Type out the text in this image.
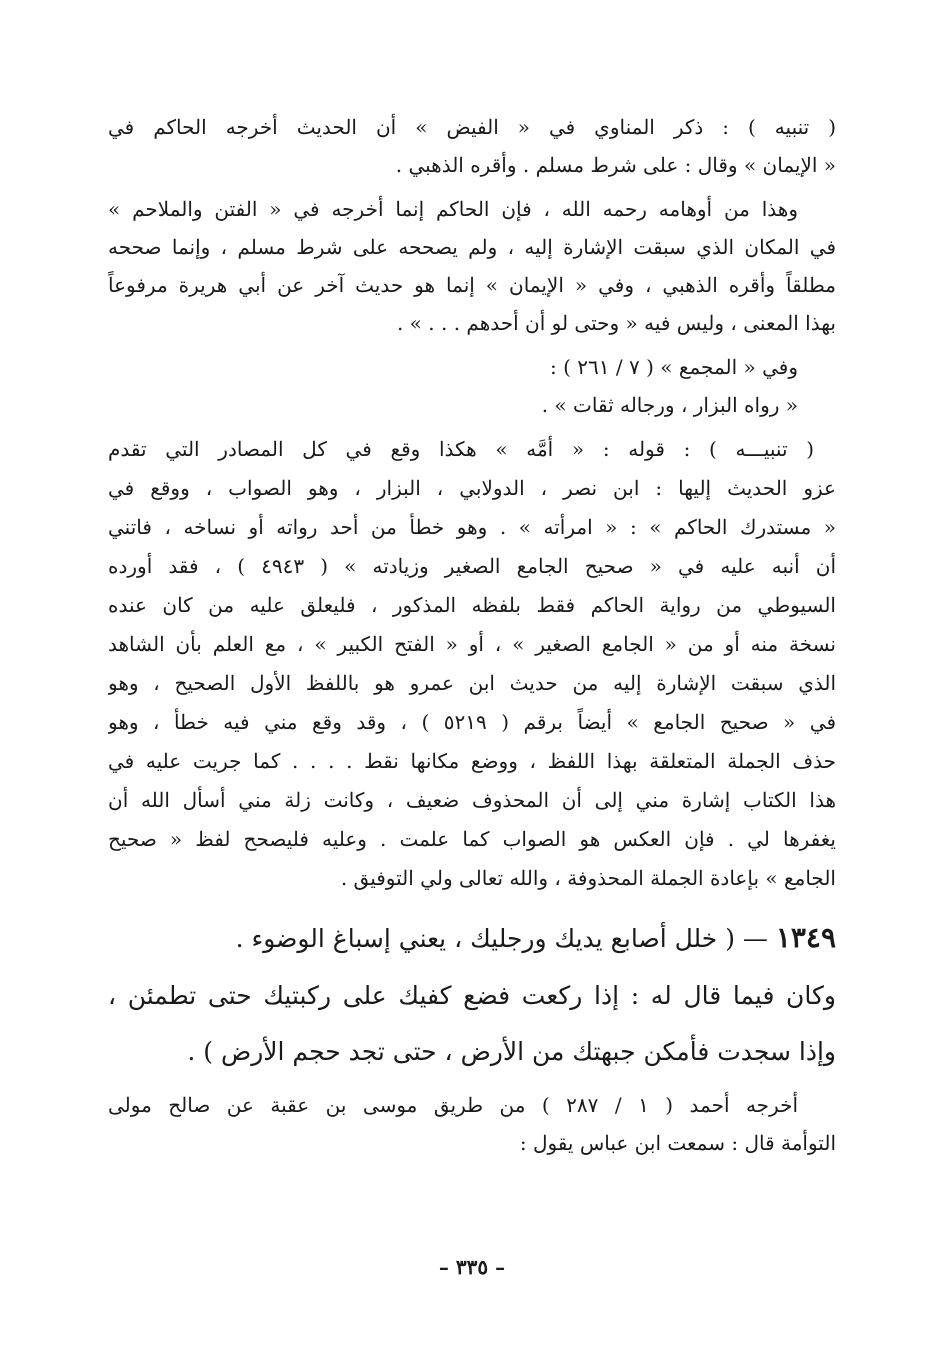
( تنبيه ) : ذكر المناوي في « الفيض » أن الحديث أخرجه الحاكم في
« الإيمان » وقال : على شرط مسلم . وأقره الذهبي .
وهذا من أوهامه رحمه الله ، فإن الحاكم إنما أخرجه في « الفتن والملاحم »
في المكان الذي سبقت الإشارة إليه ، ولم يصححه على شرط مسلم ، وإنما صححه
مطلقاً وأقره الذهبي ، وفي « الإيمان » إنما هو حديث آخر عن أبي هريرة مرفوعاً
بهذا المعنى ، وليس فيه « وحتى لو أن أحدهم . . . » .
وفي « المجمع » ( ٧ / ٢٦١ ) :
« رواه البزار ، ورجاله ثقات » .
( تنبيـــه ) : قوله : « أمَّه » هكذا وقع في كل المصادر التي تقدم
عزو الحديث إليها : ابن نصر ، الدولابي ، البزار ، وهو الصواب ، ووقع في
« مستدرك الحاكم » : « امرأته » . وهو خطأ من أحد رواته أو نساخه ، فاتني
أن أنبه عليه في « صحيح الجامع الصغير وزيادته » ( ٤٩٤٣ ) ، فقد أورده
السيوطي من رواية الحاكم فقط بلفظه المذكور ، فليعلق عليه من كان عنده
نسخة منه أو من « الجامع الصغير » ، أو « الفتح الكبير » ، مع العلم بأن الشاهد
الذي سبقت الإشارة إليه من حديث ابن عمرو هو باللفظ الأول الصحيح ، وهو
في « صحيح الجامع » أيضاً برقم ( ٥٢١٩ ) ، وقد وقع مني فيه خطأ ، وهو
حذف الجملة المتعلقة بهذا اللفظ ، ووضع مكانها نقط . . . . كما جريت عليه في
هذا الكتاب إشارة مني إلى أن المحذوف ضعيف ، وكانت زلة مني أسأل الله أن
يغفرها لي . فإن العكس هو الصواب كما علمت . وعليه فليصحح لفظ « صحيح
الجامع » بإعادة الجملة المحذوفة ، والله تعالى ولي التوفيق .
١٣٤٩ — ( خلل أصابع يديك ورجليك ، يعني إسباغ الوضوء .
وكان فيما قال له : إذا ركعت فضع كفيك على ركبتيك حتى تطمئن ،
وإذا سجدت فأمكن جبهتك من الأرض ، حتى تجد حجم الأرض ) .
أخرجه أحمد ( ١ / ٢٨٧ ) من طريق موسى بن عقبة عن صالح مولى
التوأمة قال : سمعت ابن عباس يقول :
– ٣٣٥ –
